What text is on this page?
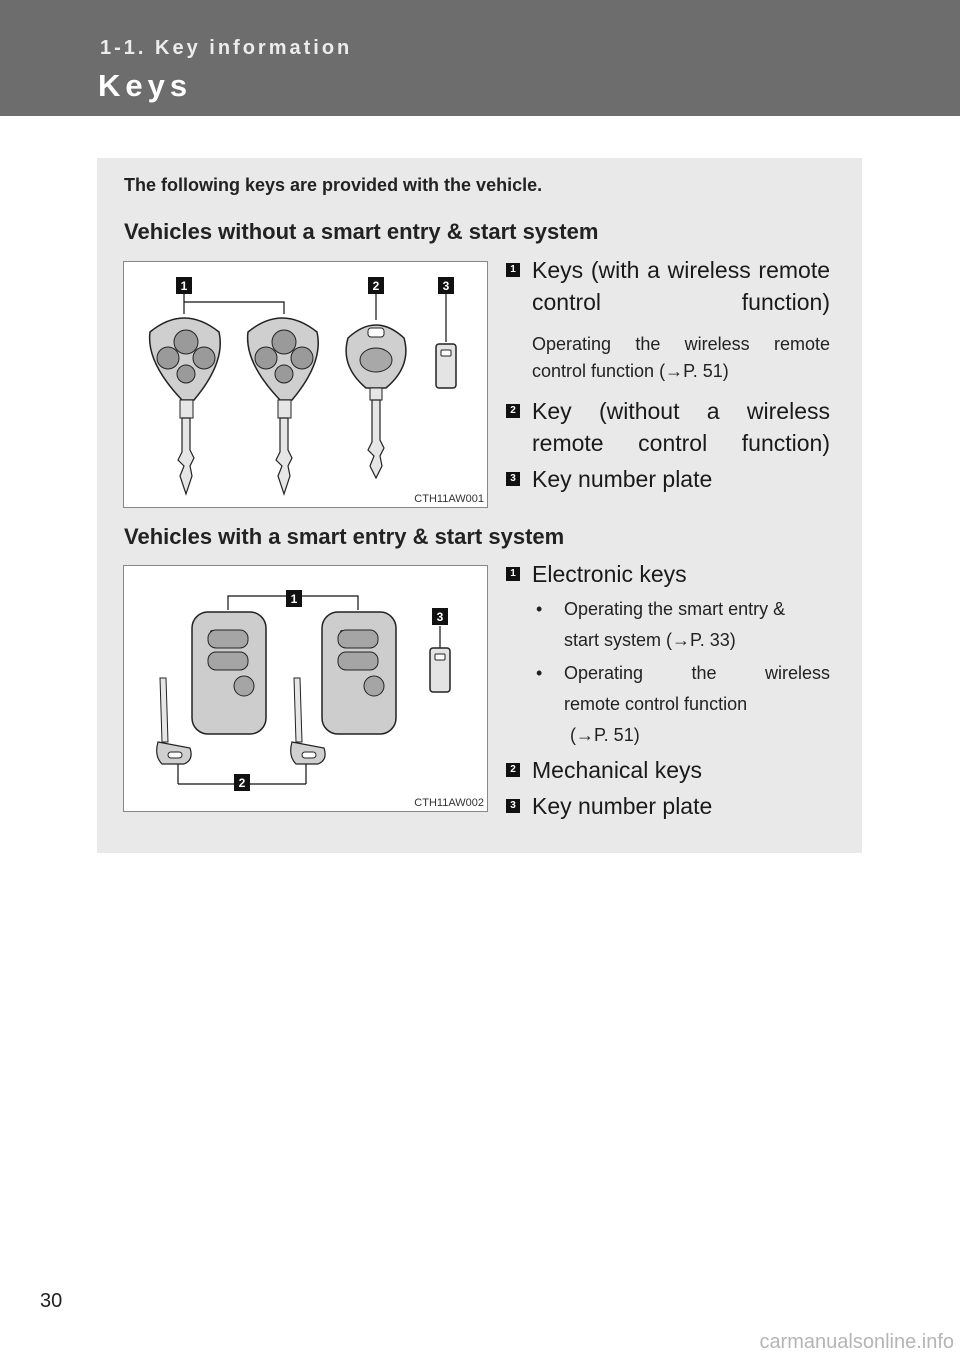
1-1. Key information
Keys
The following keys are provided with the vehicle.
Vehicles without a smart entry & start system
1	2	3
CTH11AW001
1 Keys (with a wireless remote control function)
Operating the wireless remote control function (→P. 51)
2 Key (without a wireless remote control function)
3 Key number plate
Vehicles with a smart entry & start system
1
2
3
CTH11AW002
1 Electronic keys
• Operating the smart entry &
start system (→P. 33)
• Operating the wireless
remote control function
(→P. 51)
2 Mechanical keys
3 Key number plate
30
carmanualsonline.info
